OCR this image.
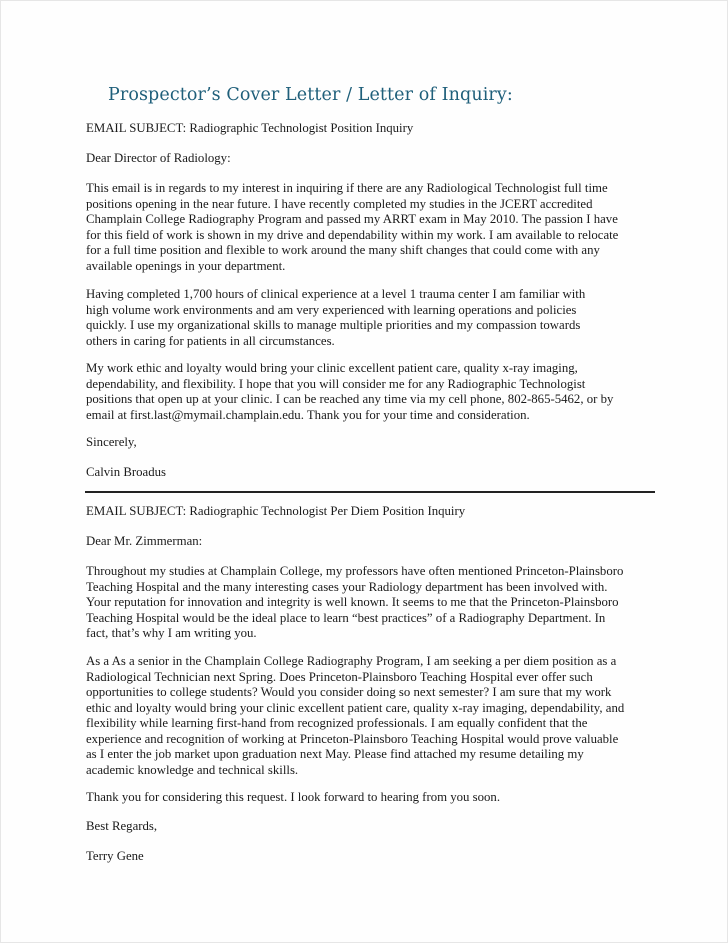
Prospector’s Cover Letter / Letter of Inquiry:
EMAIL SUBJECT: Radiographic Technologist Position Inquiry
Dear Director of Radiology:
This email is in regards to my interest in inquiring if there are any Radiological Technologist full time
positions opening in the near future. I have recently completed my studies in the JCERT accredited
Champlain College Radiography Program and passed my ARRT exam in May 2010. The passion I have
for this field of work is shown in my drive and dependability within my work. I am available to relocate
for a full time position and flexible to work around the many shift changes that could come with any
available openings in your department.
Having completed 1,700 hours of clinical experience at a level 1 trauma center I am familiar with
high volume work environments and am very experienced with learning operations and policies
quickly. I use my organizational skills to manage multiple priorities and my compassion towards
others in caring for patients in all circumstances.
My work ethic and loyalty would bring your clinic excellent patient care, quality x-ray imaging,
dependability, and flexibility. I hope that you will consider me for any Radiographic Technologist
positions that open up at your clinic. I can be reached any time via my cell phone, 802-865-5462, or by
email at first.last@mymail.champlain.edu. Thank you for your time and consideration.
Sincerely,
Calvin Broadus
EMAIL SUBJECT: Radiographic Technologist Per Diem Position Inquiry
Dear Mr. Zimmerman:
Throughout my studies at Champlain College, my professors have often mentioned Princeton-Plainsboro
Teaching Hospital and the many interesting cases your Radiology department has been involved with.
Your reputation for innovation and integrity is well known. It seems to me that the Princeton-Plainsboro
Teaching Hospital would be the ideal place to learn “best practices” of a Radiography Department. In
fact, that’s why I am writing you.
As a As a senior in the Champlain College Radiography Program, I am seeking a per diem position as a
Radiological Technician next Spring. Does Princeton-Plainsboro Teaching Hospital ever offer such
opportunities to college students? Would you consider doing so next semester? I am sure that my work
ethic and loyalty would bring your clinic excellent patient care, quality x-ray imaging, dependability, and
flexibility while learning first-hand from recognized professionals. I am equally confident that the
experience and recognition of working at Princeton-Plainsboro Teaching Hospital would prove valuable
as I enter the job market upon graduation next May. Please find attached my resume detailing my
academic knowledge and technical skills.
Thank you for considering this request. I look forward to hearing from you soon.
Best Regards,
Terry Gene
